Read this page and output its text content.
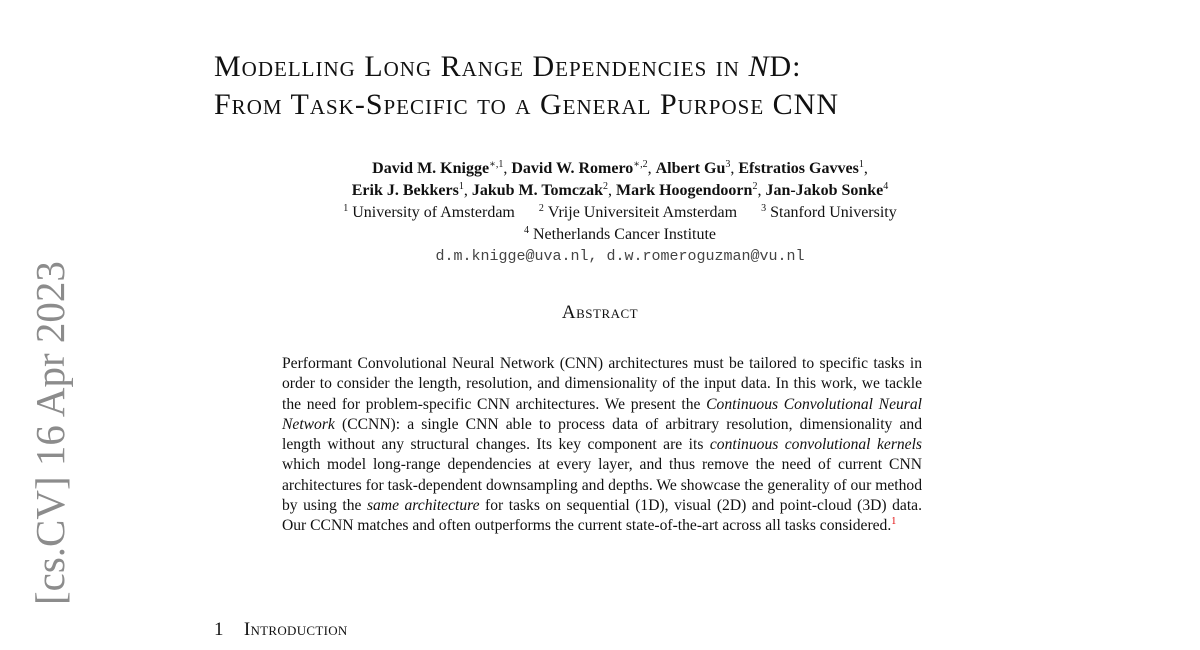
[cs.CV] 16 Apr 2023
Modelling Long Range Dependencies in ND:
From Task-Specific to a General Purpose CNN
David M. Knigge$^{∗,1}$, David W. Romero$^{∗,2}$, Albert Gu$^3$, Efstratios Gavves$^1$,
Erik J. Bekkers$^1$, Jakub M. Tomczak$^2$, Mark Hoogendoorn$^2$, Jan-Jakob Sonke$^4$
$^1$ University of Amsterdam $^2$ Vrije Universiteit Amsterdam $^3$ Stanford University
$^4$ Netherlands Cancer Institute
d.m.knigge@uva.nl, d.w.romeroguzman@vu.nl
Abstract
Performant Convolutional Neural Network (CNN) architectures must be tailored to specific tasks in order to consider the length, resolution, and dimensionality of the input data. In this work, we tackle the need for problem-specific CNN architectures. We present the Continuous Convolutional Neural Network (CCNN): a single CNN able to process data of arbitrary resolution, dimensionality and length without any structural changes. Its key component are its continuous convolutional kernels which model long-range dependencies at every layer, and thus remove the need of current CNN architectures for task-dependent downsampling and depths. We showcase the generality of our method by using the same architecture for tasks on sequential (1D), visual (2D) and point-cloud (3D) data. Our CCNN matches and often outperforms the current state-of-the-art across all tasks considered.$^1$
1 Introduction
